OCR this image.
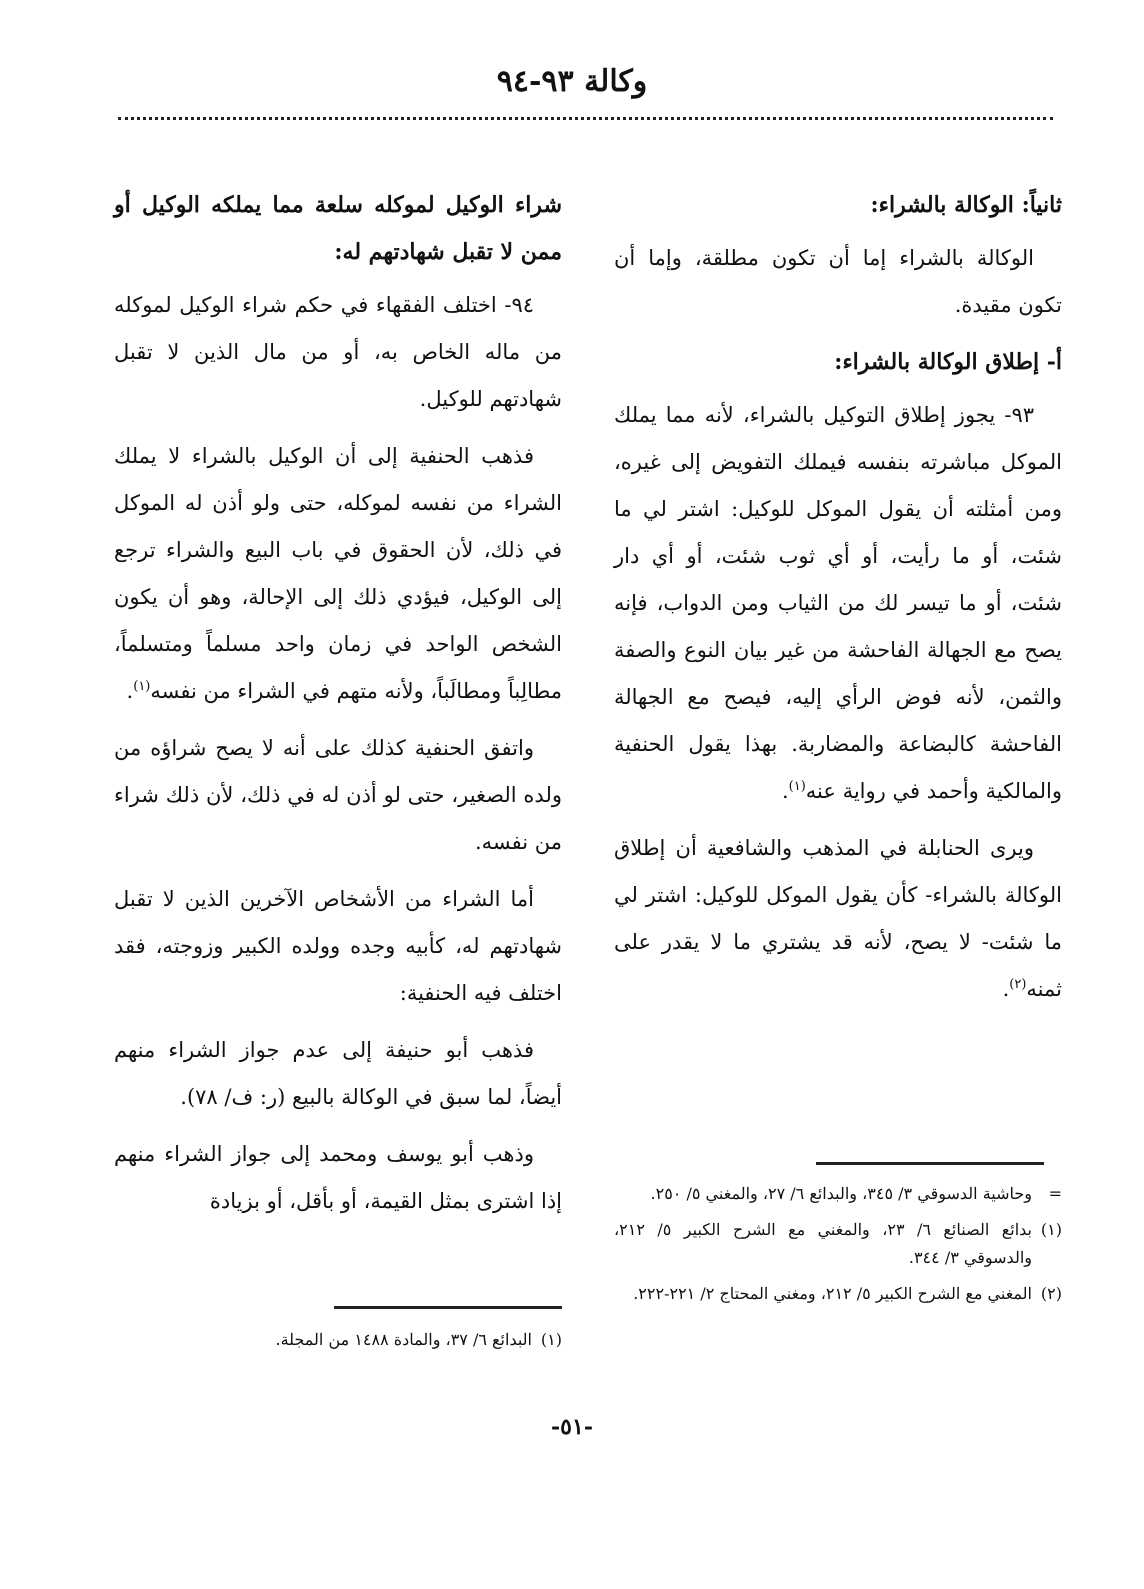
وكالة ٩٣-٩٤
ثانياً: الوكالة بالشراء:

الوكالة بالشراء إما أن تكون مطلقة، وإما أن تكون مقيدة.

أ- إطلاق الوكالة بالشراء:

٩٣- يجوز إطلاق التوكيل بالشراء، لأنه مما يملك الموكل مباشرته بنفسه فيملك التفويض إلى غيره، ومن أمثلته أن يقول الموكل للوكيل: اشتر لي ما شئت، أو ما رأيت، أو أي ثوب شئت، أو أي دار شئت، أو ما تيسر لك من الثياب ومن الدواب، فإنه يصح مع الجهالة الفاحشة من غير بيان النوع والصفة والثمن، لأنه فوض الرأي إليه، فيصح مع الجهالة الفاحشة كالبضاعة والمضاربة. بهذا يقول الحنفية والمالكية وأحمد في رواية عنه$^{(١)}$.

ويرى الحنابلة في المذهب والشافعية أن إطلاق الوكالة بالشراء- كأن يقول الموكل للوكيل: اشتر لي ما شئت- لا يصح، لأنه قد يشتري ما لا يقدر على ثمنه$^{(٢)}$.

شراء الوكيل لموكله سلعة مما يملكه الوكيل أو ممن لا تقبل شهادتهم له:

٩٤- اختلف الفقهاء في حكم شراء الوكيل لموكله من ماله الخاص به، أو من مال الذين لا تقبل شهادتهم للوكيل.

فذهب الحنفية إلى أن الوكيل بالشراء لا يملك الشراء من نفسه لموكله، حتى ولو أذن له الموكل في ذلك، لأن الحقوق في باب البيع والشراء ترجع إلى الوكيل، فيؤدي ذلك إلى الإحالة، وهو أن يكون الشخص الواحد في زمان واحد مسلماً ومتسلماً، مطالِباً ومطالَباً، ولأنه متهم في الشراء من نفسه$^{(١)}$.

واتفق الحنفية كذلك على أنه لا يصح شراؤه من ولده الصغير، حتى لو أذن له في ذلك، لأن ذلك شراء من نفسه.

أما الشراء من الأشخاص الآخرين الذين لا تقبل شهادتهم له، كأبيه وجده وولده الكبير وزوجته، فقد اختلف فيه الحنفية:

فذهب أبو حنيفة إلى عدم جواز الشراء منهم أيضاً، لما سبق في الوكالة بالبيع (ر: ف/ ٧٨).

وذهب أبو يوسف ومحمد إلى جواز الشراء منهم إذا اشترى بمثل القيمة، أو بأقل، أو بزيادة	=وحاشية الدسوقي ٣/ ٣٤٥، والبدائع ٦/ ٢٧، والمغني ٥/ ٢٥٠.

(١)بدائع الصنائع ٦/ ٢٣، والمغني مع الشرح الكبير ٥/ ٢١٢، والدسوقي ٣/ ٣٤٤.

(٢)المغني مع الشرح الكبير ٥/ ٢١٢، ومغني المحتاج ٢/ ٢٢١-٢٢٢.

(١)البدائع ٦/ ٣٧، والمادة ١٤٨٨ من المجلة.

-٥١-
